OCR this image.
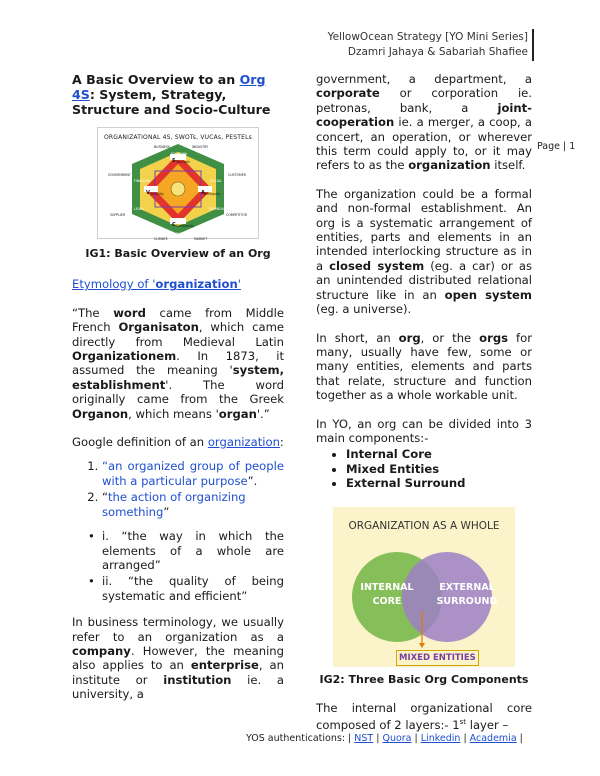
YellowOcean Strategy [YO Mini Series]
Dzamri Jahaya & Sabariah Shafiee
Page | 1
A Basic Overview to an Org 4S: System, Strategy, Structure and Socio-Culture
ORGANIZATIONAL 4S, SWOTs, VUCAs, PESTELs
S
V	A
C
Strength
Volatility	Ambiguity
Complexity
BUSINESS	INDUSTRY
GOVERNMENT	CUSTOMER
SUPPLIER	COMPETITOR
CLIMATE	MARKET
ECONOMY
ENVIRONMENT
FINANCIAL
LEGAL
SOCIAL
TECHNOLOGY
IG1: Basic Overview of an Org

Etymology of 'organization'

“The word came from Middle French Organisaton, which came directly from Medieval Latin Organizationem. In 1873, it assumed the meaning 'system, establishment'. The word originally came from the Greek Organon, which means 'organ'.”

Google definition of an organization:

1. “an organized group of people with a particular purpose”.
2. “the action of organizing something”
• i. “the way in which the elements of a whole are arranged”
• ii. “the quality of being systematic and efficient”

In business terminology, we usually refer to an organization as a company. However, the meaning also applies to an enterprise, an institute or institution ie. a university, a

government, a department, a corporate or corporation ie. petronas, bank, a joint-cooperation ie. a merger, a coop, a concert, an operation, or wherever this term could apply to, or it may refers to as the organization itself.

The organization could be a formal and non-formal establishment. An org is a systematic arrangement of entities, parts and elements in an intended interlocking structure as in a closed system (eg. a car) or as an unintended distributed relational structure like in an open system (eg. a universe).

In short, an org, or the orgs for many, usually have few, some or many entities, elements and parts that relate, structure and function together as a whole workable unit.

In YO, an org can be divided into 3 main components:-

• Internal Core
• Mixed Entities
• External Surround
ORGANIZATION AS A WHOLE
INTERNAL
CORE
EXTERNAL
SURROUND
MIXED ENTITIES
IG2: Three Basic Org Components

The internal organizational core composed of 2 layers:- 1st layer –

YOS authentications: | NST | Quora | Linkedin | Academia |
